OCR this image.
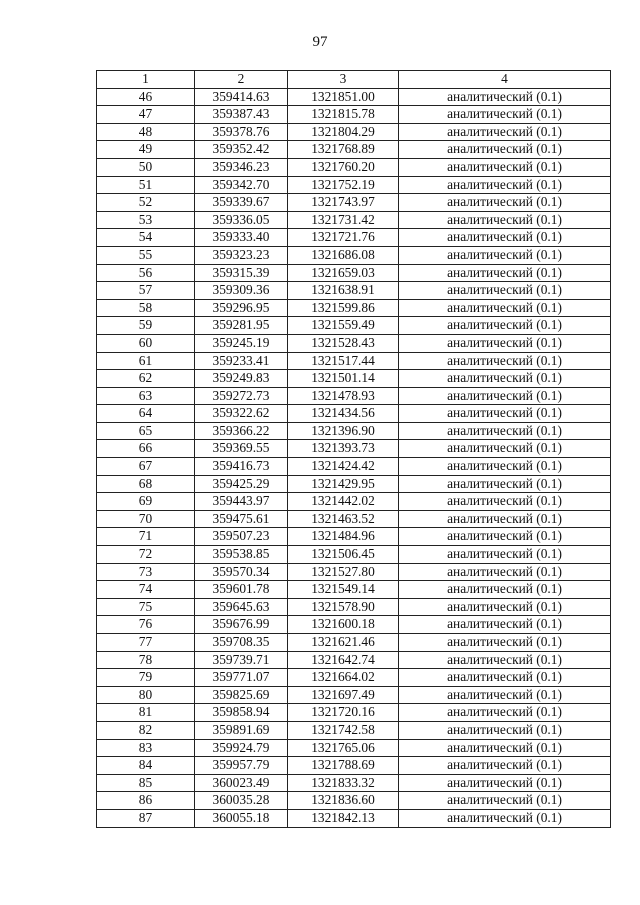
97
1	2	3	4
46	359414.63	1321851.00	аналитический (0.1)
47	359387.43	1321815.78	аналитический (0.1)
48	359378.76	1321804.29	аналитический (0.1)
49	359352.42	1321768.89	аналитический (0.1)
50	359346.23	1321760.20	аналитический (0.1)
51	359342.70	1321752.19	аналитический (0.1)
52	359339.67	1321743.97	аналитический (0.1)
53	359336.05	1321731.42	аналитический (0.1)
54	359333.40	1321721.76	аналитический (0.1)
55	359323.23	1321686.08	аналитический (0.1)
56	359315.39	1321659.03	аналитический (0.1)
57	359309.36	1321638.91	аналитический (0.1)
58	359296.95	1321599.86	аналитический (0.1)
59	359281.95	1321559.49	аналитический (0.1)
60	359245.19	1321528.43	аналитический (0.1)
61	359233.41	1321517.44	аналитический (0.1)
62	359249.83	1321501.14	аналитический (0.1)
63	359272.73	1321478.93	аналитический (0.1)
64	359322.62	1321434.56	аналитический (0.1)
65	359366.22	1321396.90	аналитический (0.1)
66	359369.55	1321393.73	аналитический (0.1)
67	359416.73	1321424.42	аналитический (0.1)
68	359425.29	1321429.95	аналитический (0.1)
69	359443.97	1321442.02	аналитический (0.1)
70	359475.61	1321463.52	аналитический (0.1)
71	359507.23	1321484.96	аналитический (0.1)
72	359538.85	1321506.45	аналитический (0.1)
73	359570.34	1321527.80	аналитический (0.1)
74	359601.78	1321549.14	аналитический (0.1)
75	359645.63	1321578.90	аналитический (0.1)
76	359676.99	1321600.18	аналитический (0.1)
77	359708.35	1321621.46	аналитический (0.1)
78	359739.71	1321642.74	аналитический (0.1)
79	359771.07	1321664.02	аналитический (0.1)
80	359825.69	1321697.49	аналитический (0.1)
81	359858.94	1321720.16	аналитический (0.1)
82	359891.69	1321742.58	аналитический (0.1)
83	359924.79	1321765.06	аналитический (0.1)
84	359957.79	1321788.69	аналитический (0.1)
85	360023.49	1321833.32	аналитический (0.1)
86	360035.28	1321836.60	аналитический (0.1)
87	360055.18	1321842.13	аналитический (0.1)
